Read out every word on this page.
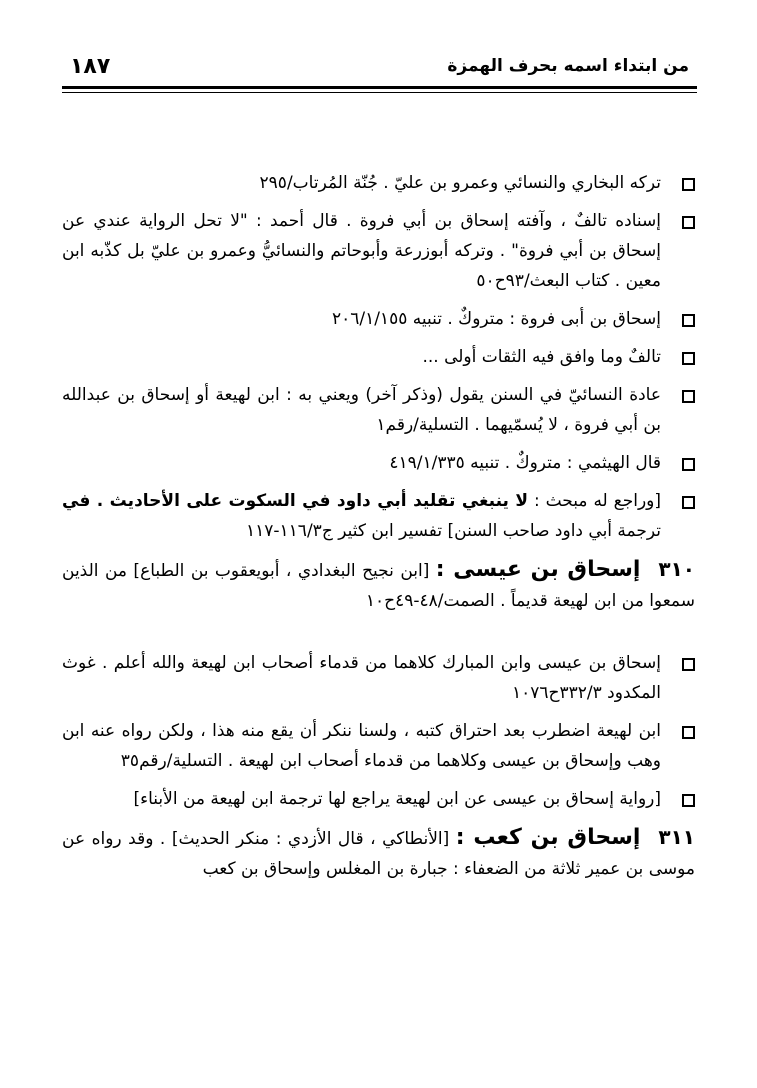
١٨٧	من ابتداء اسمه بحرف الهمزة
تركه البخاري والنسائي وعمرو بن عليّ . جُنّة المُرتاب/٢٩٥
إسناده تالفٌ ، وآفته إسحاق بن أبي فروة . قال أحمد : "لا تحل الرواية عندي عن إسحاق بن أبي فروة" . وتركه أبوزرعة وأبوحاتم والنسائيُّ وعمرو بن عليّ بل كذّبه ابن معين . كتاب البعث/٩٣ح٥٠
إسحاق بن أبى فروة : متروكٌ . تنبيه ٢٠٦/١/١٥٥
تالفٌ وما وافق فيه الثقات أولى ...
عادة النسائيّ في السنن يقول (وذكر آخر) ويعني به : ابن لهيعة أو إسحاق بن عبدالله بن أبي فروة ، لا يُسمّيهما . التسلية/رقم١
قال الهيثمي : متروكٌ . تنبيه ٤١٩/١/٣٣٥
[وراجع له مبحث : لا ينبغي تقليد أبي داود في السكوت على الأحاديث . في ترجمة أبي داود صاحب السنن] تفسير ابن كثير ج١١٦/٣-١١٧
٣١٠إسحاق بن عيسى : [ابن نجيح البغدادي ، أبويعقوب بن الطباع] من الذين سمعوا من ابن لهيعة قديماً . الصمت/٤٨-٤٩ح١٠
إسحاق بن عيسى وابن المبارك كلاهما من قدماء أصحاب ابن لهيعة والله أعلم . غوث المكدود ٣٣٢/٣ح١٠٧٦
ابن لهيعة اضطرب بعد احتراق كتبه ، ولسنا ننكر أن يقع منه هذا ، ولكن رواه عنه ابن وهب وإسحاق بن عيسى وكلاهما من قدماء أصحاب ابن لهيعة . التسلية/رقم٣٥
[رواية إسحاق بن عيسى عن ابن لهيعة يراجع لها ترجمة ابن لهيعة من الأبناء]
٣١١إسحاق بن كعب : [الأنطاكي ، قال الأزدي : منكر الحديث] . وقد رواه عن موسى بن عمير ثلاثة من الضعفاء : جبارة بن المغلس وإسحاق بن كعب
